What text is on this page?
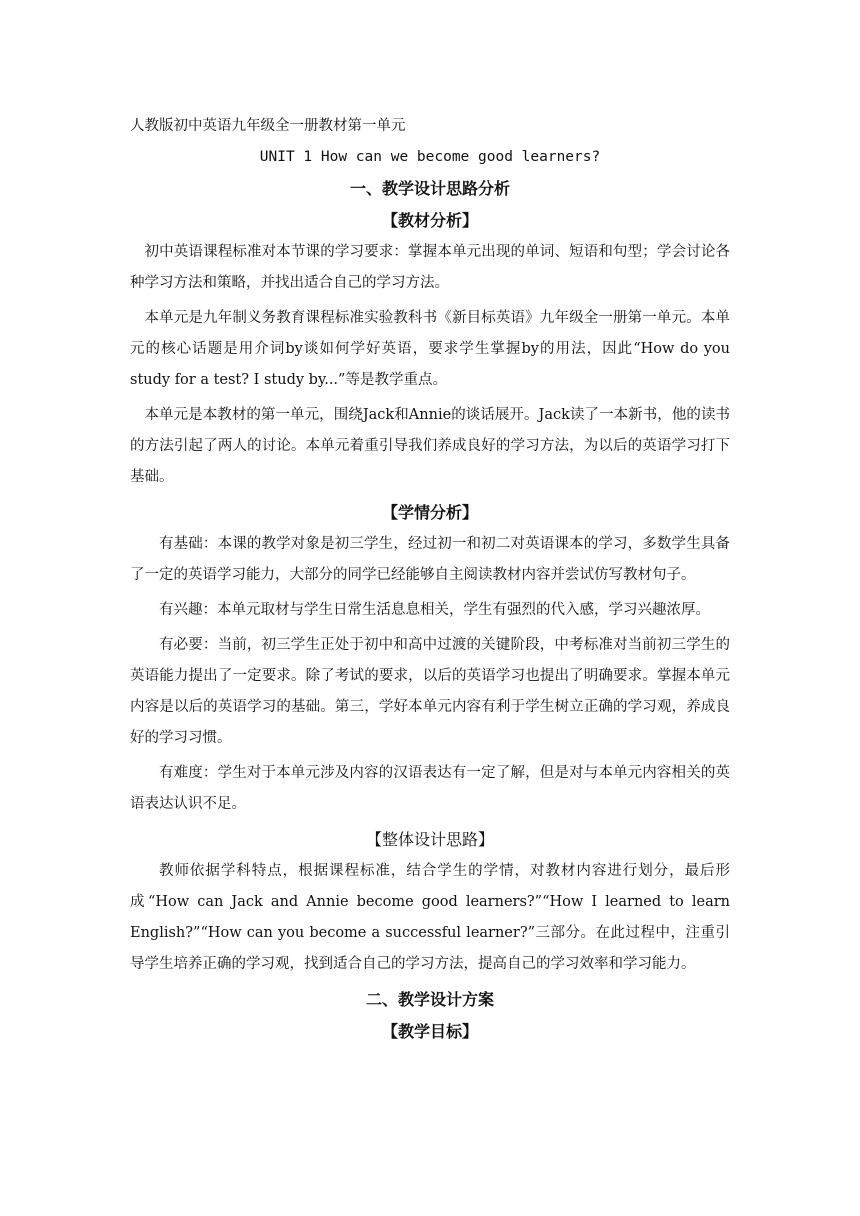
人教版初中英语九年级全一册教材第一单元

UNIT 1 How can we become good learners?

一、教学设计思路分析

【教材分析】

初中英语课程标准对本节课的学习要求：掌握本单元出现的单词、短语和句型；学会讨论各种学习方法和策略，并找出适合自己的学习方法。

本单元是九年制义务教育课程标准实验教科书《新目标英语》九年级全一册第一单元。本单元的核心话题是用介词by谈如何学好英语，要求学生掌握by的用法，因此“How do you study for a test? I study by...”等是教学重点。

本单元是本教材的第一单元，围绕Jack和Annie的谈话展开。Jack读了一本新书，他的读书的方法引起了两人的讨论。本单元着重引导我们养成良好的学习方法，为以后的英语学习打下基础。

【学情分析】

有基础：本课的教学对象是初三学生，经过初一和初二对英语课本的学习，多数学生具备了一定的英语学习能力，大部分的同学已经能够自主阅读教材内容并尝试仿写教材句子。

有兴趣：本单元取材与学生日常生活息息相关，学生有强烈的代入感，学习兴趣浓厚。

有必要：当前，初三学生正处于初中和高中过渡的关键阶段，中考标准对当前初三学生的英语能力提出了一定要求。除了考试的要求，以后的英语学习也提出了明确要求。掌握本单元内容是以后的英语学习的基础。第三，学好本单元内容有利于学生树立正确的学习观，养成良好的学习习惯。

有难度：学生对于本单元涉及内容的汉语表达有一定了解，但是对与本单元内容相关的英语表达认识不足。

【整体设计思路】

教师依据学科特点，根据课程标准，结合学生的学情，对教材内容进行划分，最后形成“How can Jack and Annie become good learners?”“How I learned to learn English?”“How can you become a successful learner?”三部分。在此过程中，注重引导学生培养正确的学习观，找到适合自己的学习方法，提高自己的学习效率和学习能力。

二、教学设计方案

【教学目标】
